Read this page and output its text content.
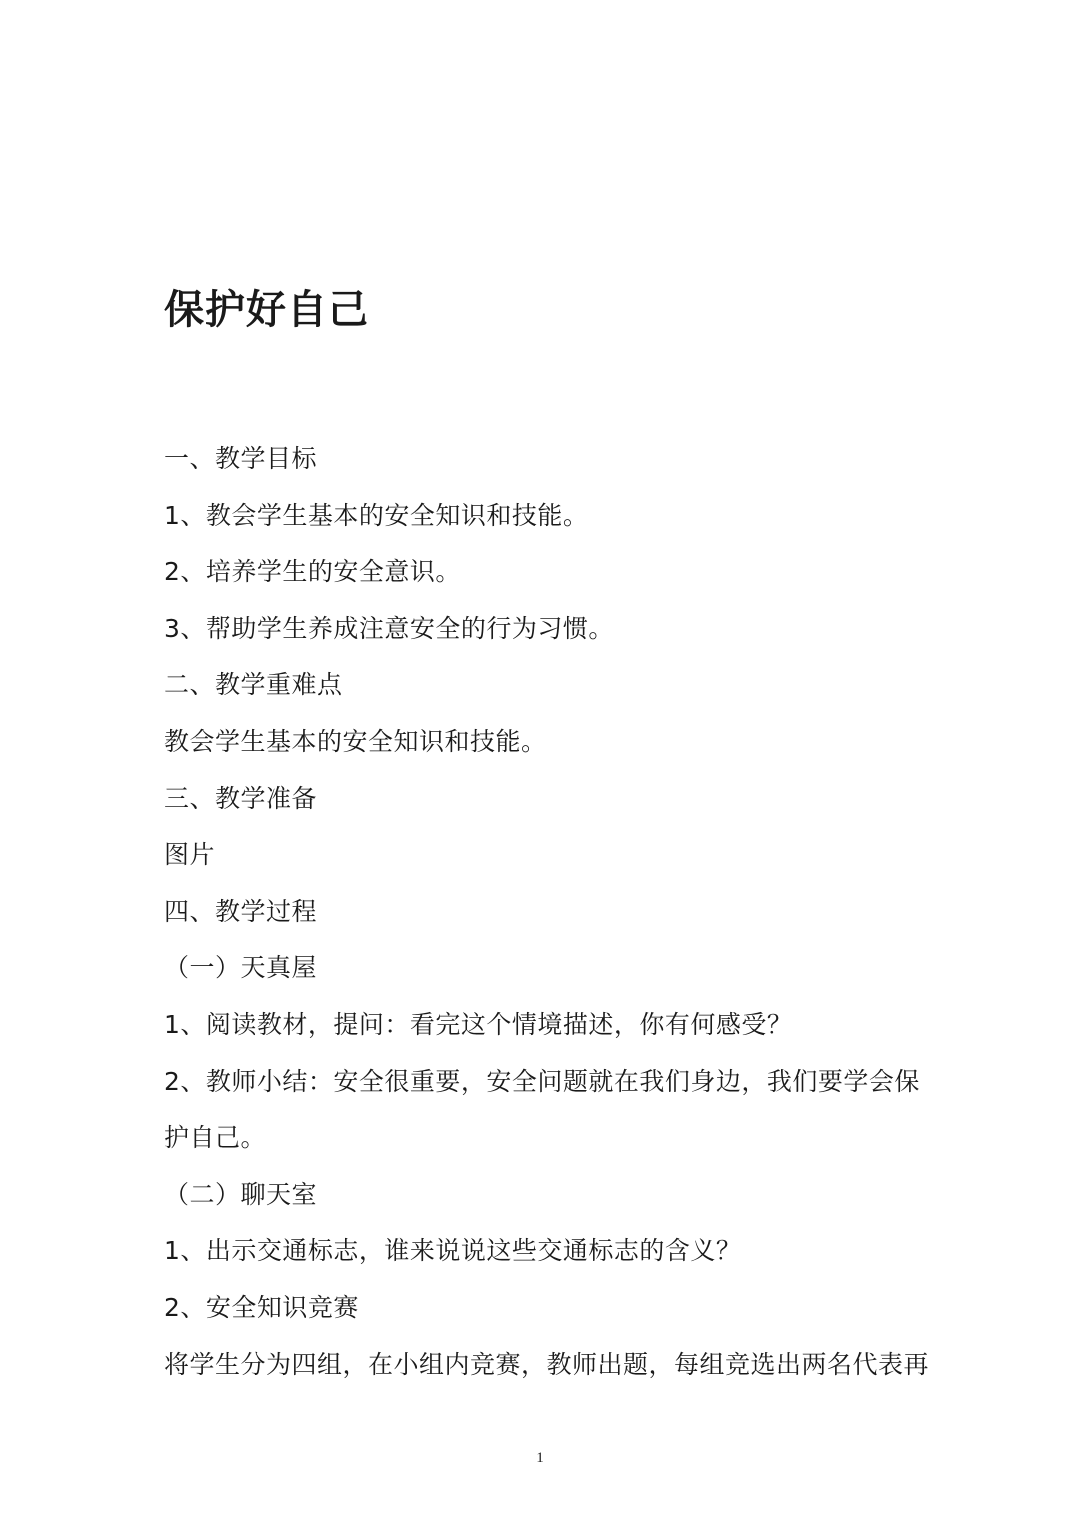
保护好自己
一、教学目标
1、教会学生基本的安全知识和技能。
2、培养学生的安全意识。
3、帮助学生养成注意安全的行为习惯。
二、教学重难点
教会学生基本的安全知识和技能。
三、教学准备
图片
四、教学过程
（一）天真屋
1、阅读教材，提问：看完这个情境描述，你有何感受？
2、教师小结：安全很重要，安全问题就在我们身边，我们要学会保
护自己。
（二）聊天室
1、出示交通标志，谁来说说这些交通标志的含义？
2、安全知识竞赛
将学生分为四组，在小组内竞赛，教师出题，每组竞选出两名代表再
1
